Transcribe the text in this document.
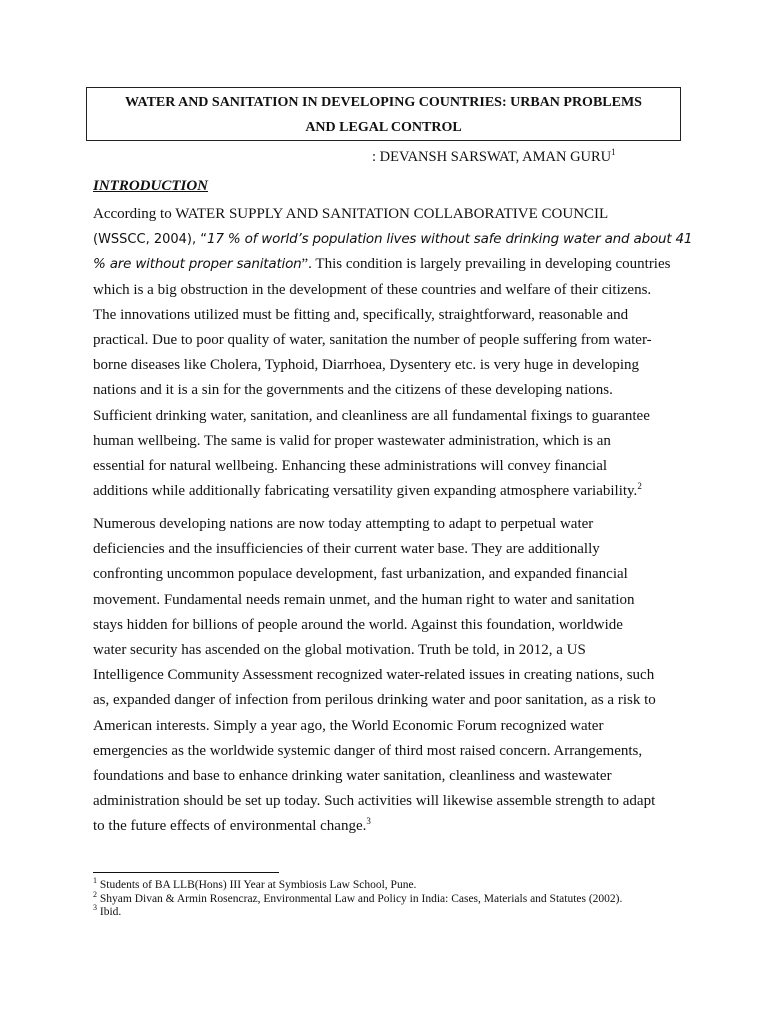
WATER AND SANITATION IN DEVELOPING COUNTRIES: URBAN PROBLEMS
AND LEGAL CONTROL
: DEVANSH SARSWAT, AMAN GURU$^1$
INTRODUCTION
According to WATER SUPPLY AND SANITATION COLLABORATIVE COUNCIL
(WSSCC, 2004), “17 % of world’s population lives without safe drinking water and about 41
% are without proper sanitation”. This condition is largely prevailing in developing countries
which is a big obstruction in the development of these countries and welfare of their citizens.
The innovations utilized must be fitting and, specifically, straightforward, reasonable and
practical. Due to poor quality of water, sanitation the number of people suffering from water-
borne diseases like Cholera, Typhoid, Diarrhoea, Dysentery etc. is very huge in developing
nations and it is a sin for the governments and the citizens of these developing nations.
Sufficient drinking water, sanitation, and cleanliness are all fundamental fixings to guarantee
human wellbeing. The same is valid for proper wastewater administration, which is an
essential for natural wellbeing. Enhancing these administrations will convey financial
additions while additionally fabricating versatility given expanding atmosphere variability.$^2$
Numerous developing nations are now today attempting to adapt to perpetual water
deficiencies and the insufficiencies of their current water base. They are additionally
confronting uncommon populace development, fast urbanization, and expanded financial
movement. Fundamental needs remain unmet, and the human right to water and sanitation
stays hidden for billions of people around the world. Against this foundation, worldwide
water security has ascended on the global motivation. Truth be told, in 2012, a US
Intelligence Community Assessment recognized water-related issues in creating nations, such
as, expanded danger of infection from perilous drinking water and poor sanitation, as a risk to
American interests. Simply a year ago, the World Economic Forum recognized water
emergencies as the worldwide systemic danger of third most raised concern. Arrangements,
foundations and base to enhance drinking water sanitation, cleanliness and wastewater
administration should be set up today. Such activities will likewise assemble strength to adapt
to the future effects of environmental change.$^3$
$^1$ Students of BA LLB(Hons) III Year at Symbiosis Law School, Pune.
$^2$ Shyam Divan & Armin Rosencraz, Environmental Law and Policy in India: Cases, Materials and Statutes (2002).
$^3$ Ibid.
